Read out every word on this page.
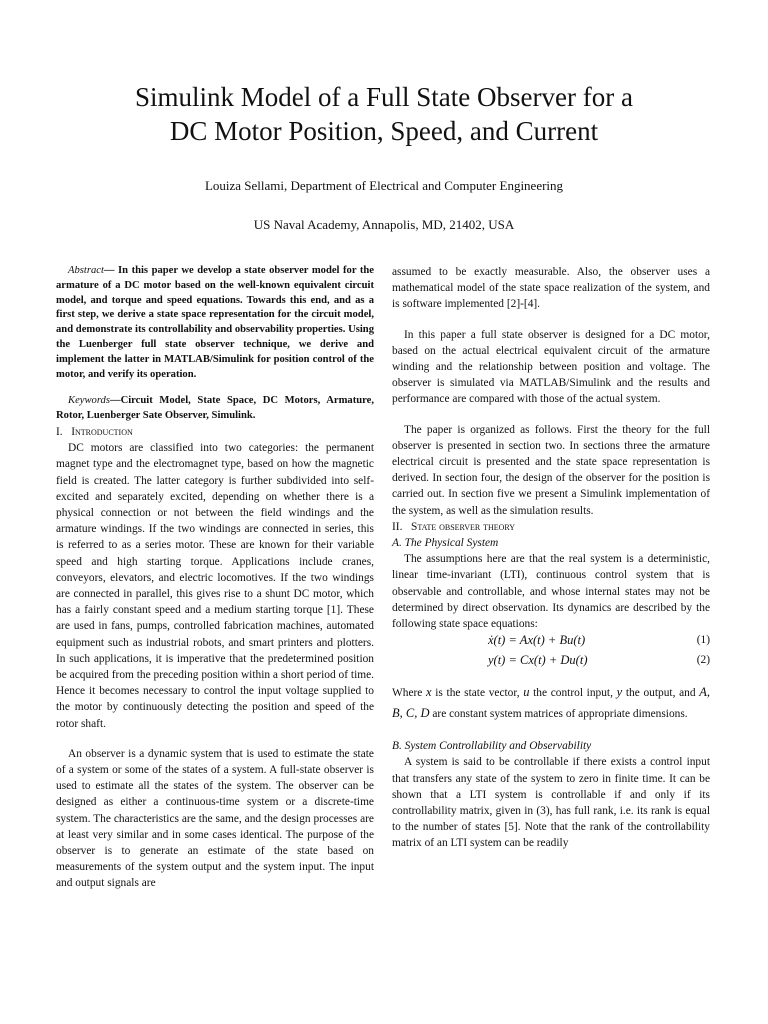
Simulink Model of a Full State Observer for a
DC Motor Position, Speed, and Current

Louiza Sellami, Department of Electrical and Computer Engineering

US Naval Academy, Annapolis, MD, 21402, USA

Abstract— In this paper we develop a state observer model for the armature of a DC motor based on the well-known equivalent circuit model, and torque and speed equations. Towards this end, and as a first step, we derive a state space representation for the circuit model, and demonstrate its controllability and observability properties. Using the Luenberger full state observer technique, we derive and implement the latter in MATLAB/Simulink for position control of the motor, and verify its operation.

Keywords—Circuit Model, State Space, DC Motors, Armature, Rotor, Luenberger Sate Observer, Simulink.

I. Introduction

DC motors are classified into two categories: the permanent magnet type and the electromagnet type, based on how the magnetic field is created. The latter category is further subdivided into self-excited and separately excited, depending on whether there is a physical connection or not between the field windings and the armature windings. If the two windings are connected in series, this is referred to as a series motor. These are known for their variable speed and high starting torque. Applications include cranes, conveyors, elevators, and electric locomotives. If the two windings are connected in parallel, this gives rise to a shunt DC motor, which has a fairly constant speed and a medium starting torque [1]. These are used in fans, pumps, controlled fabrication machines, automated equipment such as industrial robots, and smart printers and plotters. In such applications, it is imperative that the predetermined position be acquired from the preceding position within a short period of time. Hence it becomes necessary to control the input voltage supplied to the motor by continuously detecting the position and speed of the rotor shaft.

An observer is a dynamic system that is used to estimate the state of a system or some of the states of a system. A full-state observer is used to estimate all the states of the system. The observer can be designed as either a continuous-time system or a discrete-time system. The characteristics are the same, and the design processes are at least very similar and in some cases identical. The purpose of the observer is to generate an estimate of the state based on measurements of the system output and the system input. The input and output signals are

assumed to be exactly measurable. Also, the observer uses a mathematical model of the state space realization of the system, and is software implemented [2]-[4].

In this paper a full state observer is designed for a DC motor, based on the actual electrical equivalent circuit of the armature winding and the relationship between position and voltage. The observer is simulated via MATLAB/Simulink and the results and performance are compared with those of the actual system.

The paper is organized as follows. First the theory for the full observer is presented in section two. In sections three the armature electrical circuit is presented and the state space representation is derived. In section four, the design of the observer for the position is carried out. In section five we present a Simulink implementation of the system, as well as the simulation results.

II. State observer theory

A. The Physical System

The assumptions here are that the real system is a deterministic, linear time-invariant (LTI), continuous control system that is observable and controllable, and whose internal states may not be determined by direct observation. Its dynamics are described by the following state space equations:

ẋ(t) = Ax(t) + Bu(t)	(1)
y(t) = Cx(t) + Du(t)	(2)

Where x is the state vector, u the control input, y the output, and A, B, C, D are constant system matrices of appropriate dimensions.

B. System Controllability and Observability

A system is said to be controllable if there exists a control input that transfers any state of the system to zero in finite time. It can be shown that a LTI system is controllable if and only if its controllability matrix, given in (3), has full rank, i.e. its rank is equal to the number of states [5]. Note that the rank of the controllability matrix of an LTI system can be readily
